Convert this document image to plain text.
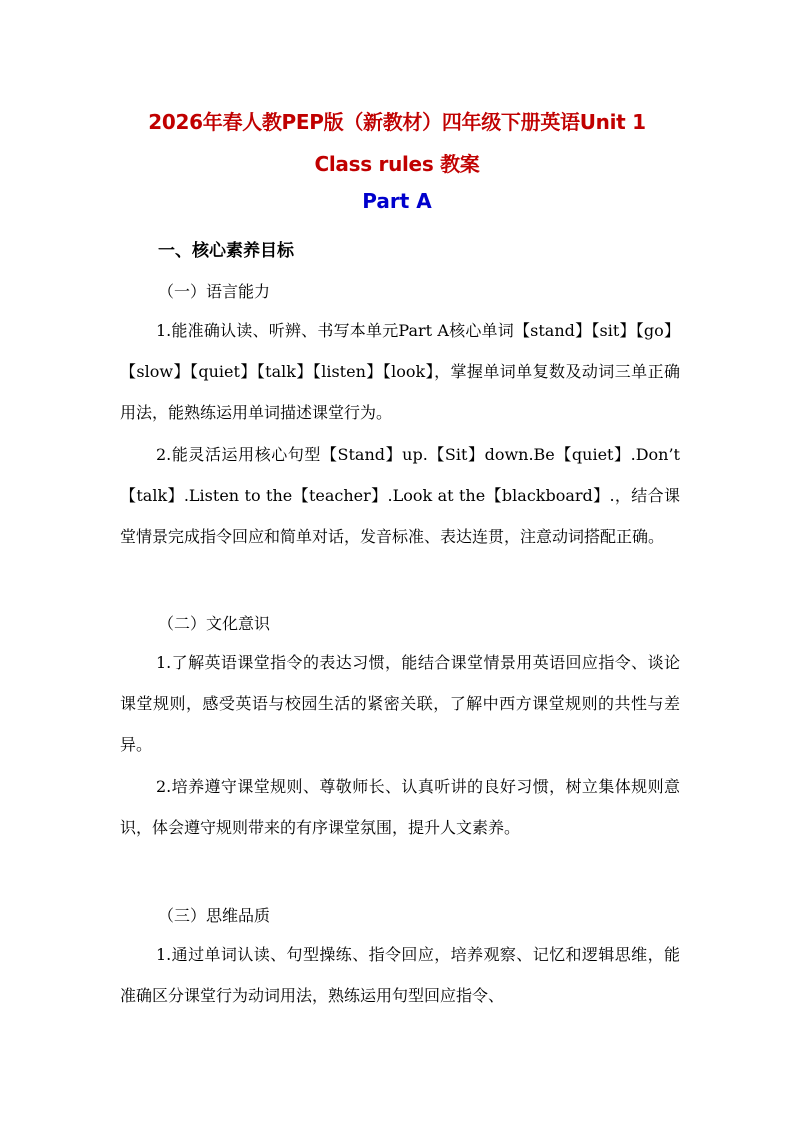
2026年春人教PEP版（新教材）四年级下册英语Unit 1
Class rules 教案
Part A
一、核心素养目标
（一）语言能力
1.能准确认读、听辨、书写本单元Part A核心单词【stand】【sit】【go】【slow】【quiet】【talk】【listen】【look】，掌握单词单复数及动词三单正确用法，能熟练运用单词描述课堂行为。
2.能灵活运用核心句型【Stand】up.【Sit】down.Be【quiet】.Don’t【talk】.Listen to the【teacher】.Look at the【blackboard】.，结合课堂情景完成指令回应和简单对话，发音标准、表达连贯，注意动词搭配正确。
（二）文化意识
1.了解英语课堂指令的表达习惯，能结合课堂情景用英语回应指令、谈论课堂规则，感受英语与校园生活的紧密关联，了解中西方课堂规则的共性与差异。
2.培养遵守课堂规则、尊敬师长、认真听讲的良好习惯，树立集体规则意识，体会遵守规则带来的有序课堂氛围，提升人文素养。
（三）思维品质
1.通过单词认读、句型操练、指令回应，培养观察、记忆和逻辑思维，能准确区分课堂行为动词用法，熟练运用句型回应指令、
